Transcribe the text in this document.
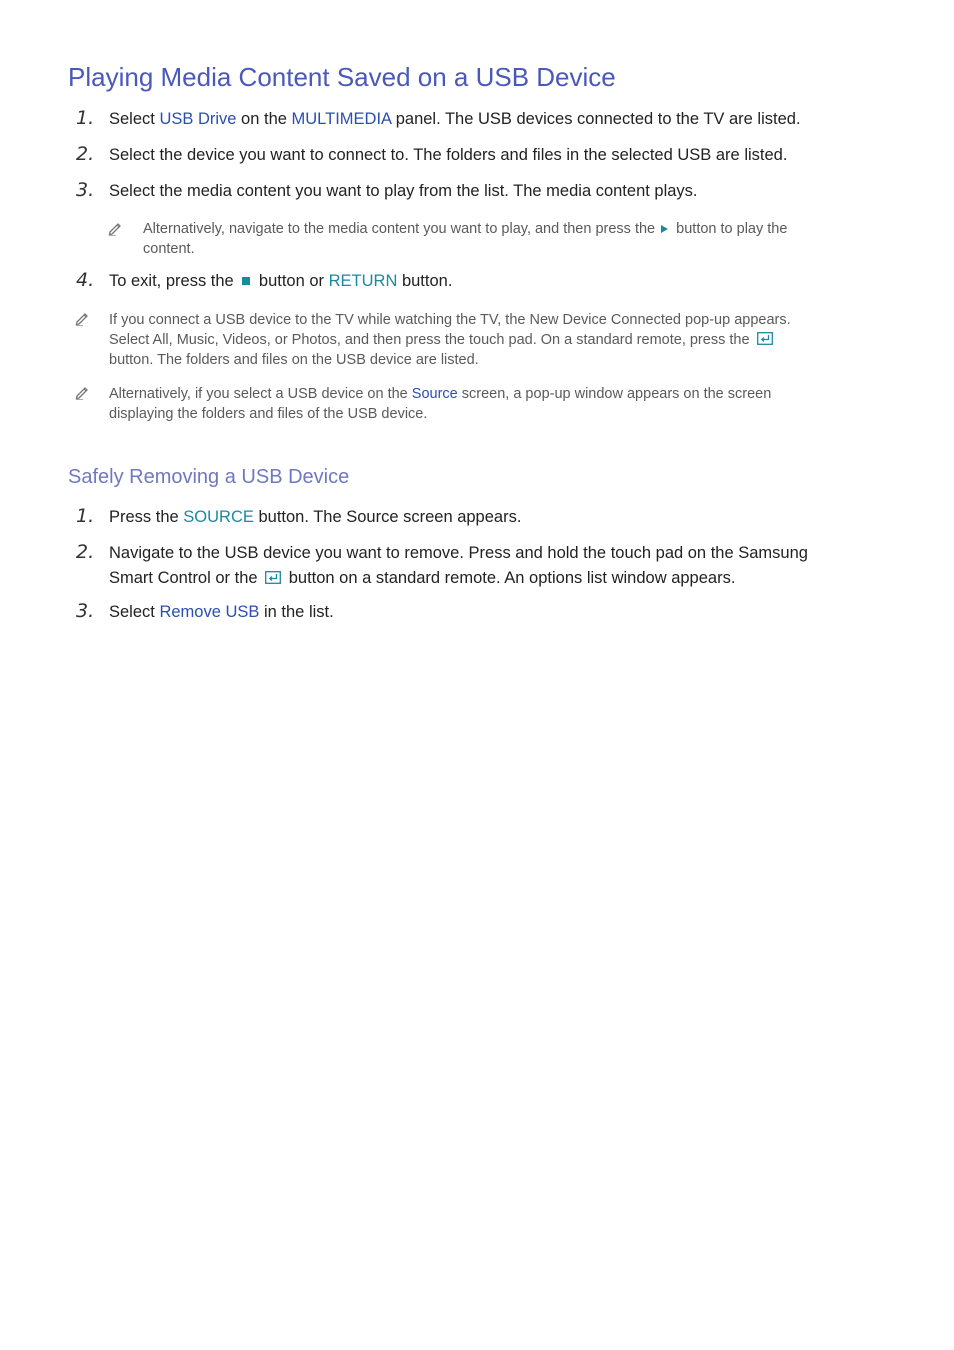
Playing Media Content Saved on a USB Device
1. Select USB Drive on the MULTIMEDIA panel. The USB devices connected to the TV are listed.
2. Select the device you want to connect to. The folders and files in the selected USB are listed.
3. Select the media content you want to play from the list. The media content plays.
Alternatively, navigate to the media content you want to play, and then press the  button to play the
content.
4. To exit, press the  button or RETURN button.
If you connect a USB device to the TV while watching the TV, the New Device Connected pop-up appears.
Select All, Music, Videos, or Photos, and then press the touch pad. On a standard remote, press the
button. The folders and files on the USB device are listed.
Alternatively, if you select a USB device on the Source screen, a pop-up window appears on the screen
displaying the folders and files of the USB device.
Safely Removing a USB Device
1. Press the SOURCE button. The Source screen appears.
2. Navigate to the USB device you want to remove. Press and hold the touch pad on the Samsung
Smart Control or the  button on a standard remote. An options list window appears.
3. Select Remove USB in the list.
